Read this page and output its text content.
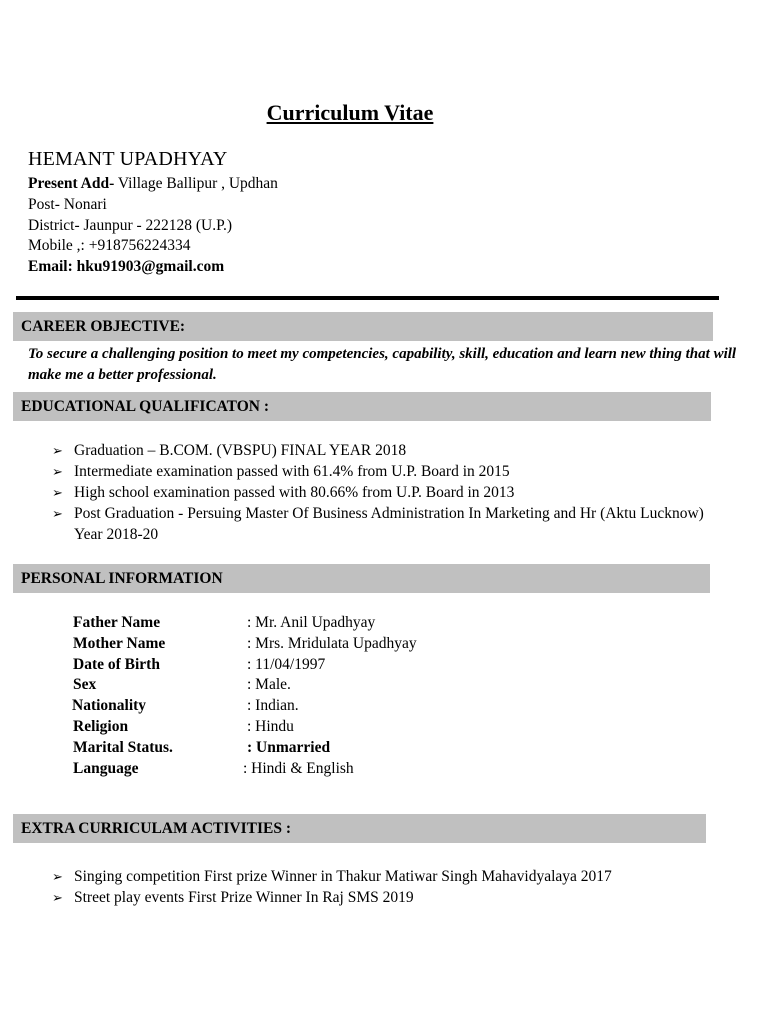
Curriculum Vitae
HEMANT UPADHYAY
Present Add- Village Ballipur , Updhan
Post- Nonari
District- Jaunpur - 222128 (U.P.)
Mobile ,: +918756224334
Email: hku91903@gmail.com
CAREER OBJECTIVE:
To secure a challenging position to meet my competencies, capability, skill, education and learn new thing that will make me a better professional.
EDUCATIONAL QUALIFICATON :
➢ Graduation – B.COM. (VBSPU) FINAL YEAR 2018
➢ Intermediate examination passed with 61.4% from U.P. Board in 2015
➢ High school examination passed with 80.66% from U.P. Board in 2013
➢ Post Graduation - Persuing Master Of Business Administration In Marketing and Hr (Aktu Lucknow) Year 2018-20
PERSONAL INFORMATION
Father Name	: Mr. Anil Upadhyay
Mother Name	: Mrs. Mridulata Upadhyay
Date of Birth	: 11/04/1997
Sex	: Male.
Nationality	: Indian.
Religion	: Hindu
Marital Status.	: Unmarried
Language	: Hindi & English
EXTRA CURRICULAM ACTIVITIES :
➢ Singing competition First prize Winner in Thakur Matiwar Singh Mahavidyalaya 2017
➢ Street play events First Prize Winner In Raj SMS 2019
